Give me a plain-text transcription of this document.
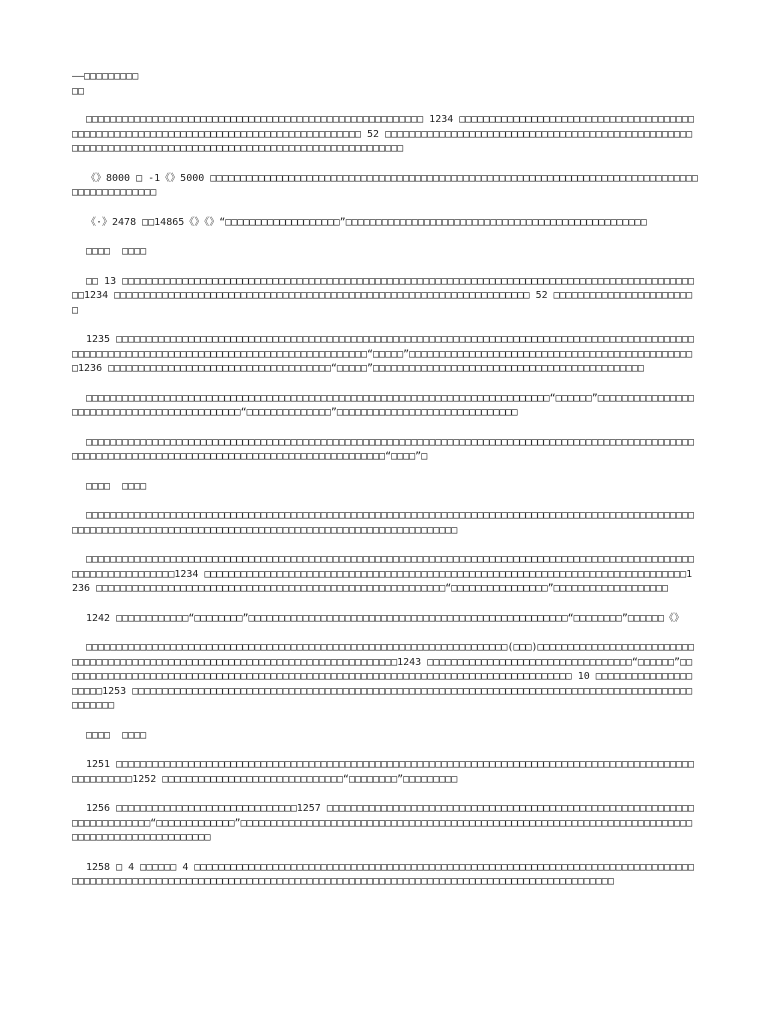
——□□□□□□□□□
□□

□□□□□□□□□□□□□□□□□□□□□□□□□□□□□□□□□□□□□□□□□□□□□□□□□□□□□□□□ 1234 □□□□□□□□□□□□□□□□□□□□□□□□□□□□□□□□□□□□□□□□□□□□□□□□□□□□□□□□□□□□□□□□□□□□□□□□□□□□□□□□□□□□□□□ 52 □□□□□□□□□□□□□□□□□□□□□□□□□□□□□□□□□□□□□□□□□□□□□□□□□□□□□□□□□□□□□□□□□□□□□□□□□□□□□□□□□□□□□□□□□□□□□□□□□□□□□□□□□□

《》8000 □ -1《》5000 □□□□□□□□□□□□□□□□□□□□□□□□□□□□□□□□□□□□□□□□□□□□□□□□□□□□□□□□□□□□□□□□□□□□□□□□□□□□□□□□□□□□□□□□□□□□□□□

《·》2478 □□14865《》《》“□□□□□□□□□□□□□□□□□□□”□□□□□□□□□□□□□□□□□□□□□□□□□□□□□□□□□□□□□□□□□□□□□□□□□□

□□□□  □□□□

□□ 13 □□□□□□□□□□□□□□□□□□□□□□□□□□□□□□□□□□□□□□□□□□□□□□□□□□□□□□□□□□□□□□□□□□□□□□□□□□□□□□□□□□□□□□□□□□□□□□□□□1234 □□□□□□□□□□□□□□□□□□□□□□□□□□□□□□□□□□□□□□□□□□□□□□□□□□□□□□□□□□□□□□□□□□□□□ 52 □□□□□□□□□□□□□□□□□□□□□□□□

1235 □□□□□□□□□□□□□□□□□□□□□□□□□□□□□□□□□□□□□□□□□□□□□□□□□□□□□□□□□□□□□□□□□□□□□□□□□□□□□□□□□□□□□□□□□□□□□□□□□□□□□□□□□□□□□□□□□□□□□□□□□□□□□□□□□□□□□□□□□□□□□□□□□“□□□□□”□□□□□□□□□□□□□□□□□□□□□□□□□□□□□□□□□□□□□□□□□□□□□□□□1236 □□□□□□□□□□□□□□□□□□□□□□□□□□□□□□□□□□□□□“□□□□□”□□□□□□□□□□□□□□□□□□□□□□□□□□□□□□□□□□□□□□□□□□□□□

□□□□□□□□□□□□□□□□□□□□□□□□□□□□□□□□□□□□□□□□□□□□□□□□□□□□□□□□□□□□□□□□□□□□□□□□□□□□□“□□□□□□”□□□□□□□□□□□□□□□□□□□□□□□□□□□□□□□□□□□□□□□□□□□□“□□□□□□□□□□□□□□”□□□□□□□□□□□□□□□□□□□□□□□□□□□□□□

□□□□□□□□□□□□□□□□□□□□□□□□□□□□□□□□□□□□□□□□□□□□□□□□□□□□□□□□□□□□□□□□□□□□□□□□□□□□□□□□□□□□□□□□□□□□□□□□□□□□□□□□□□□□□□□□□□□□□□□□□□□□□□□□□□□□□□□□□□□□□□□□□□□□□□□□□“□□□□”□

□□□□  □□□□

□□□□□□□□□□□□□□□□□□□□□□□□□□□□□□□□□□□□□□□□□□□□□□□□□□□□□□□□□□□□□□□□□□□□□□□□□□□□□□□□□□□□□□□□□□□□□□□□□□□□□□□□□□□□□□□□□□□□□□□□□□□□□□□□□□□□□□□□□□□□□□□□□□□□□□□□□□□□□□□□□□□□□

□□□□□□□□□□□□□□□□□□□□□□□□□□□□□□□□□□□□□□□□□□□□□□□□□□□□□□□□□□□□□□□□□□□□□□□□□□□□□□□□□□□□□□□□□□□□□□□□□□□□□□□□□□□□□□□□□□□□□□1234 □□□□□□□□□□□□□□□□□□□□□□□□□□□□□□□□□□□□□□□□□□□□□□□□□□□□□□□□□□□□□□□□□□□□□□□□□□□□□□□□1236 □□□□□□□□□□□□□□□□□□□□□□□□□□□□□□□□□□□□□□□□□□□□□□□□□□□□□□□□□□“□□□□□□□□□□□□□□□□”□□□□□□□□□□□□□□□□□□□

1242 □□□□□□□□□□□□“□□□□□□□□”□□□□□□□□□□□□□□□□□□□□□□□□□□□□□□□□□□□□□□□□□□□□□□□□□□□□□“□□□□□□□□”□□□□□□《》

□□□□□□□□□□□□□□□□□□□□□□□□□□□□□□□□□□□□□□□□□□□□□□□□□□□□□□□□□□□□□□□□□□□□□□(□□□)□□□□□□□□□□□□□□□□□□□□□□□□□□□□□□□□□□□□□□□□□□□□□□□□□□□□□□□□□□□□□□□□□□□□□□□□□□□□□□□□1243 □□□□□□□□□□□□□□□□□□□□□□□□□□□□□□□□□□“□□□□□□”□□□□□□□□□□□□□□□□□□□□□□□□□□□□□□□□□□□□□□□□□□□□□□□□□□□□□□□□□□□□□□□□□□□□□□□□□□□□□□□□□□□□□ 10 □□□□□□□□□□□□□□□□□□□□□1253 □□□□□□□□□□□□□□□□□□□□□□□□□□□□□□□□□□□□□□□□□□□□□□□□□□□□□□□□□□□□□□□□□□□□□□□□□□□□□□□□□□□□□□□□□□□□□□□□□□□□

□□□□  □□□□

1251 □□□□□□□□□□□□□□□□□□□□□□□□□□□□□□□□□□□□□□□□□□□□□□□□□□□□□□□□□□□□□□□□□□□□□□□□□□□□□□□□□□□□□□□□□□□□□□□□□□□□□□□□□□1252 □□□□□□□□□□□□□□□□□□□□□□□□□□□□□□“□□□□□□□□”□□□□□□□□□

1256 □□□□□□□□□□□□□□□□□□□□□□□□□□□□□□1257 □□□□□□□□□□□□□□□□□□□□□□□□□□□□□□□□□□□□□□□□□□□□□□□□□□□□□□□□□□□□□□□□□□□□□□□□□□“□□□□□□□□□□□□□”□□□□□□□□□□□□□□□□□□□□□□□□□□□□□□□□□□□□□□□□□□□□□□□□□□□□□□□□□□□□□□□□□□□□□□□□□□□□□□□□□□□□□□□□□□□□□□□□□□

1258 □ 4 □□□□□□ 4 □□□□□□□□□□□□□□□□□□□□□□□□□□□□□□□□□□□□□□□□□□□□□□□□□□□□□□□□□□□□□□□□□□□□□□□□□□□□□□□□□□□□□□□□□□□□□□□□□□□□□□□□□□□□□□□□□□□□□□□□□□□□□□□□□□□□□□□□□□□□□□□□□□□□□□□□□□□□□□□□□□□□□□□□□□□□□
